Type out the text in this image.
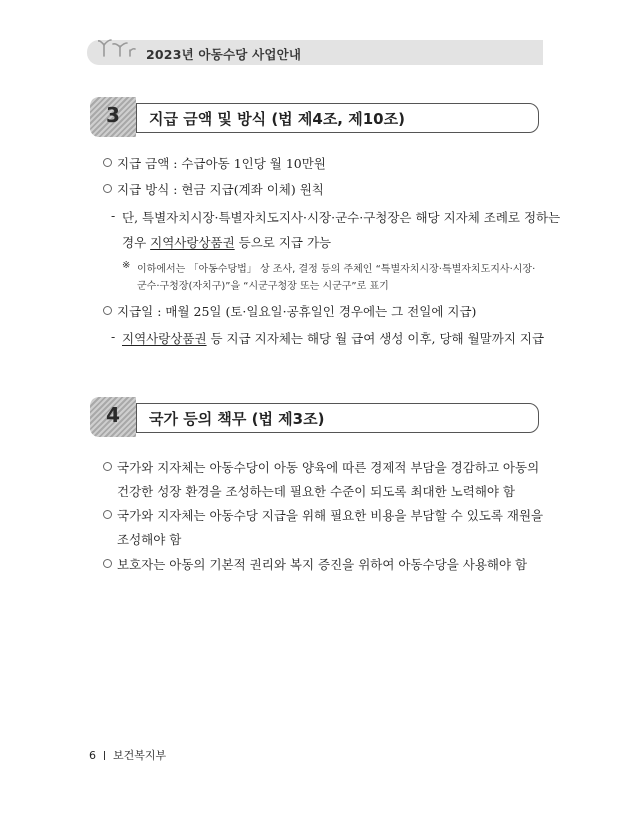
2023년 아동수당 사업안내
3	지급 금액 및 방식 (법 제4조, 제10조)
지급 금액 : 수급아동 1인당 월 10만원
지급 방식 : 현금 지급(계좌 이체) 원칙
- 단, 특별자치시장·특별자치도지사·시장·군수·구청장은 해당 지자체 조례로 정하는
경우 지역사랑상품권 등으로 지급 가능
※ 이하에서는 「아동수당법」 상 조사, 결정 등의 주체인 “특별자치시장·특별자치도지사·시장·
군수·구청장(자치구)”을 “시군구청장 또는 시군구”로 표기
지급일 : 매월 25일 (토·일요일·공휴일인 경우에는 그 전일에 지급)
- 지역사랑상품권 등 지급 지자체는 해당 월 급여 생성 이후, 당해 월말까지 지급
4	국가 등의 책무 (법 제3조)
국가와 지자체는 아동수당이 아동 양육에 따른 경제적 부담을 경감하고 아동의
건강한 성장 환경을 조성하는데 필요한 수준이 되도록 최대한 노력해야 함
국가와 지자체는 아동수당 지급을 위해 필요한 비용을 부담할 수 있도록 재원을
조성해야 함
보호자는 아동의 기본적 권리와 복지 증진을 위하여 아동수당을 사용해야 함
6 보건복지부
